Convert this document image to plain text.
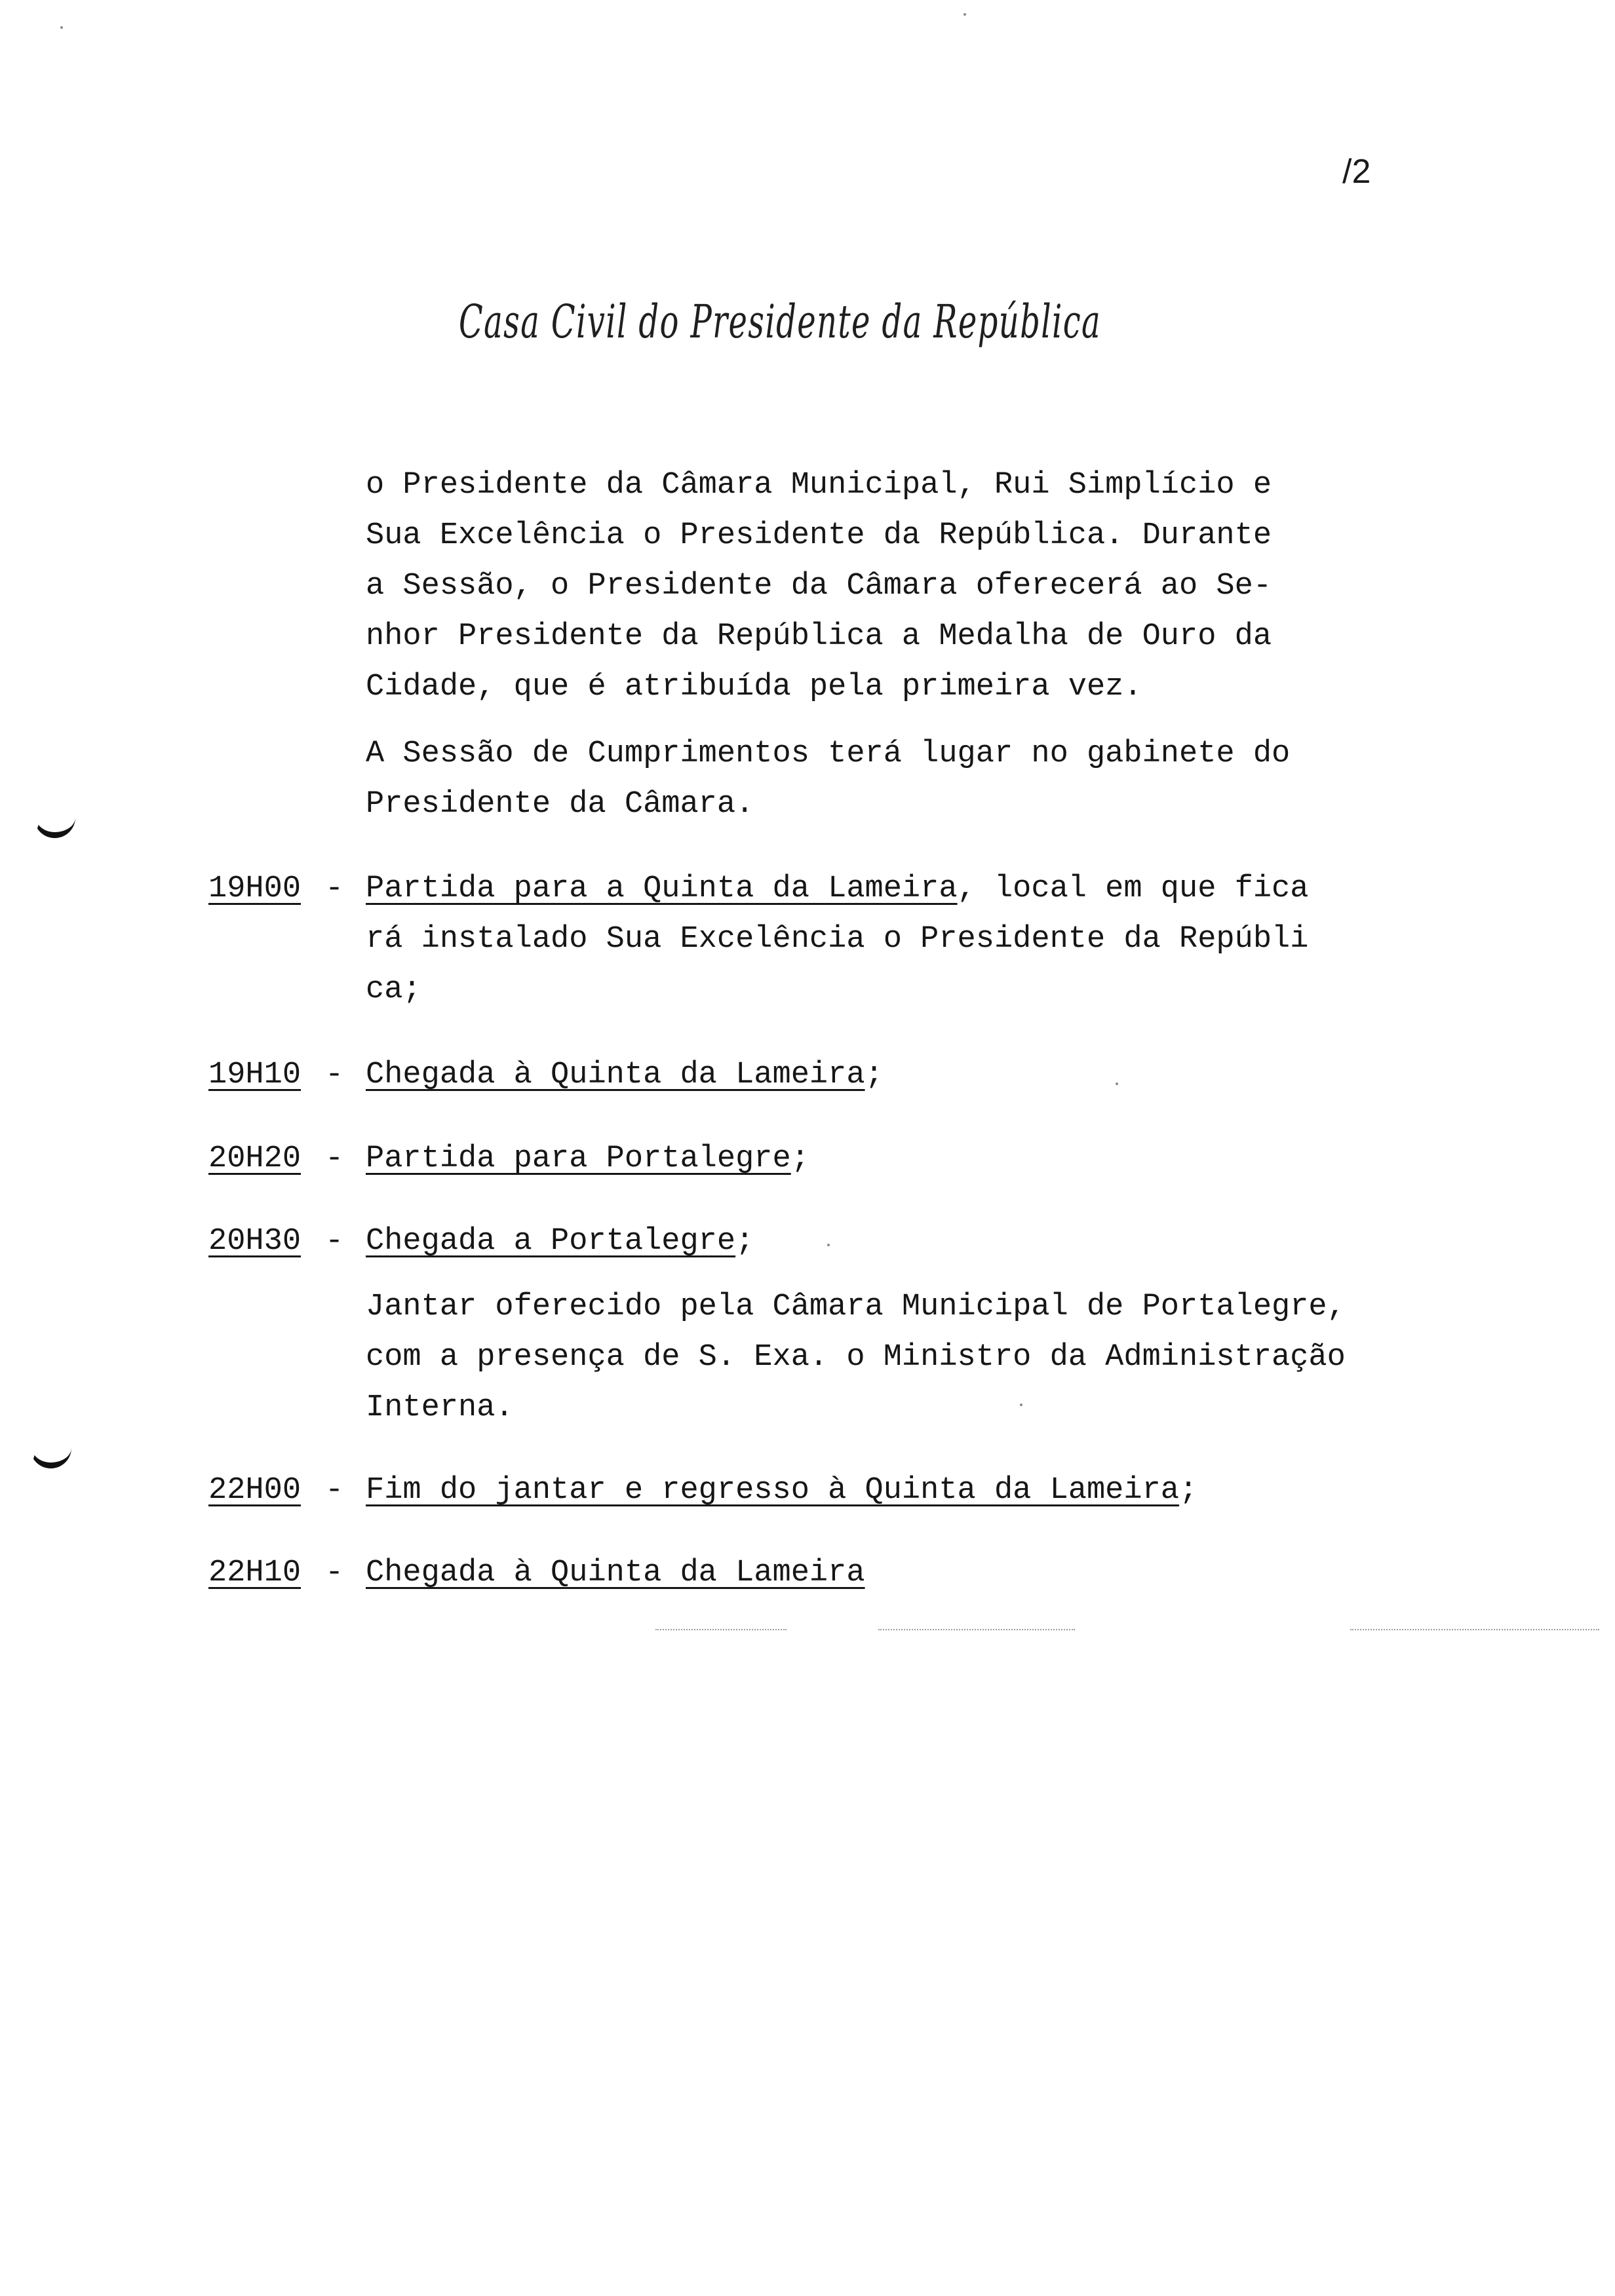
/2
Casa Civil do Presidente da República
o Presidente da Câmara Municipal, Rui Simplício e
Sua Excelência o Presidente da República. Durante
a Sessão, o Presidente da Câmara oferecerá ao Se-
nhor Presidente da República a Medalha de Ouro da
Cidade, que é atribuída pela primeira vez.
A Sessão de Cumprimentos terá lugar no gabinete do
Presidente da Câmara.
19H00 - Partida para a Quinta da Lameira, local em que fica
rá instalado Sua Excelência o Presidente da Repúbli
ca;
19H10 - Chegada à Quinta da Lameira;
20H20 - Partida para Portalegre;
20H30 - Chegada a Portalegre;
Jantar oferecido pela Câmara Municipal de Portalegre,
com a presença de S. Exa. o Ministro da Administração
Interna.
22H00 - Fim do jantar e regresso à Quinta da Lameira;
22H10 - Chegada à Quinta da Lameira
